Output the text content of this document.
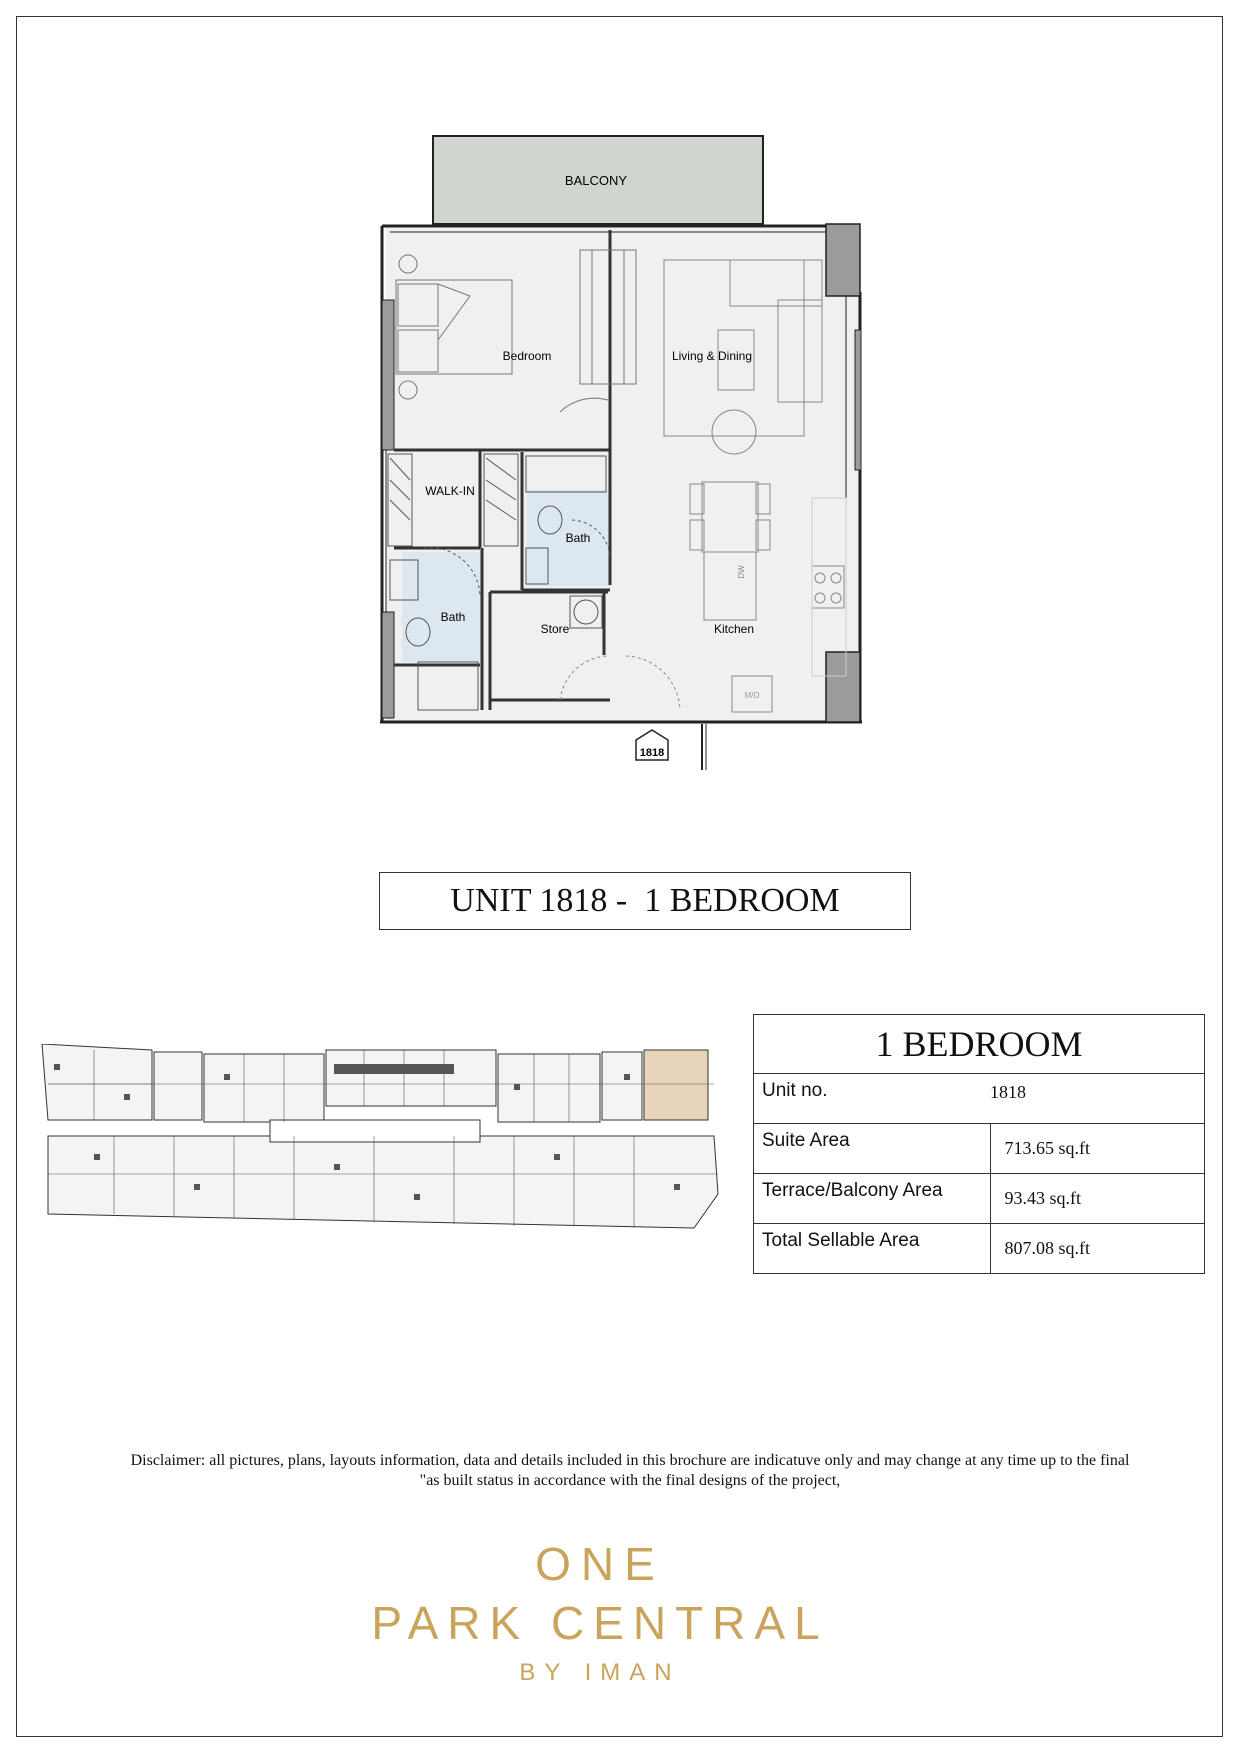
BALCONY
Bedroom	Living & Dining
WALK-IN
Bath
Bath
Store	Kitchen
DW
M/O
1818
UNIT 1818 -  1 BEDROOM
1 BEDROOM	
Unit no.	1818
Suite Area	713.65 sq.ft
Terrace/Balcony Area	93.43 sq.ft
Total Sellable Area	807.08 sq.ft
Disclaimer: all pictures, plans, layouts information, data and details included in this brochure are indicatuve only and may change at any time up to the final
"as built status in accordance with the final designs of the project,
ONE
PARK CENTRAL
BY IMAN
